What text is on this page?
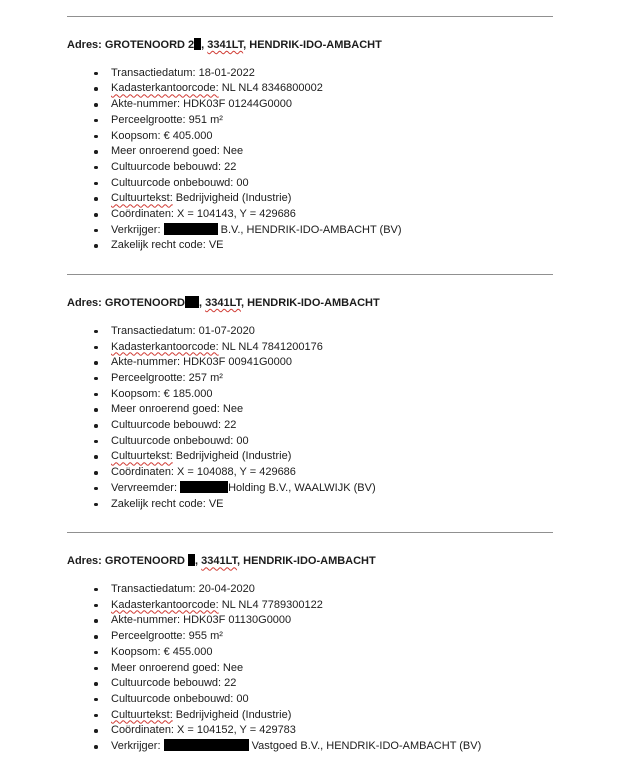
Adres: GROTENOORD 2 , 3341LT, HENDRIK-IDO-AMBACHT

Transactiedatum: 18-01-2022
Kadasterkantoorcode: NL NL4 8346800002
Akte-nummer: HDK03F 01244G0000
Perceelgrootte: 951 m²
Koopsom: € 405.000
Meer onroerend goed: Nee
Cultuurcode bebouwd: 22
Cultuurcode onbebouwd: 00
Cultuurtekst: Bedrijvigheid (Industrie)
Coördinaten: X = 104143, Y = 429686
Verkrijger:	B.V., HENDRIK-IDO-AMBACHT (BV)
Zakelijk recht code: VE

Adres: GROTENOORD , 3341LT, HENDRIK-IDO-AMBACHT

Transactiedatum: 01-07-2020
Kadasterkantoorcode: NL NL4 7841200176
Akte-nummer: HDK03F 00941G0000
Perceelgrootte: 257 m²
Koopsom: € 185.000
Meer onroerend goed: Nee
Cultuurcode bebouwd: 22
Cultuurcode onbebouwd: 00
Cultuurtekst: Bedrijvigheid (Industrie)
Coördinaten: X = 104088, Y = 429686
Vervreemder:	Holding B.V., WAALWIJK (BV)
Zakelijk recht code: VE

Adres: GROTENOORD , 3341LT, HENDRIK-IDO-AMBACHT

Transactiedatum: 20-04-2020
Kadasterkantoorcode: NL NL4 7789300122
Akte-nummer: HDK03F 01130G0000
Perceelgrootte: 955 m²
Koopsom: € 455.000
Meer onroerend goed: Nee
Cultuurcode bebouwd: 22
Cultuurcode onbebouwd: 00
Cultuurtekst: Bedrijvigheid (Industrie)
Coördinaten: X = 104152, Y = 429783
Verkrijger:	Vastgoed B.V., HENDRIK-IDO-AMBACHT (BV)
